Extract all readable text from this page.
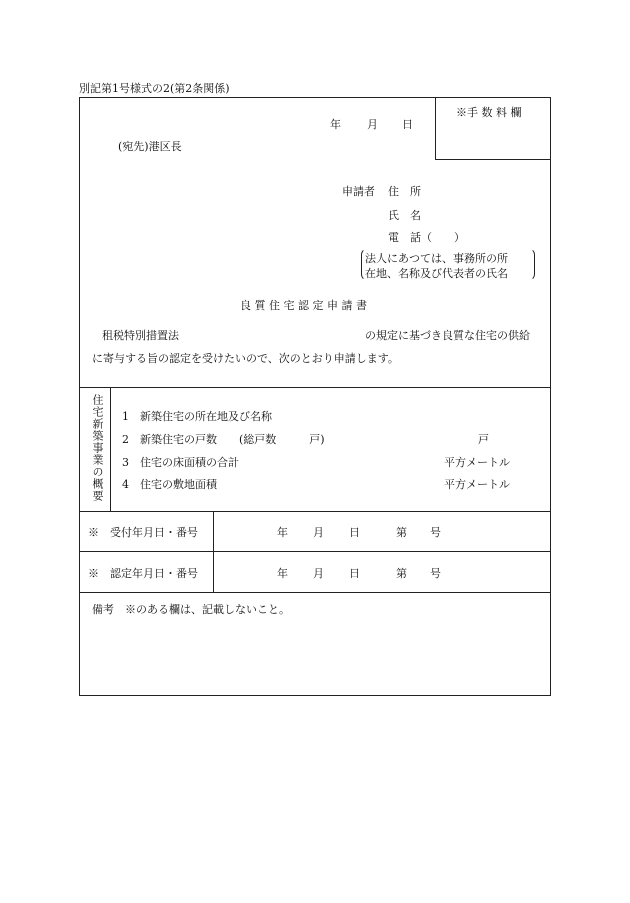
別記第1号様式の2(第2条関係)
※手 数 料 欄
年 月 日
(宛先)港区長
申請者 住　所
氏　名
電　話（　　）
法人にあつては、事務所の所
在地、名称及び代表者の氏名
良 質 住 宅 認 定 申 請 書
租税特別措置法	の規定に基づき良質な住宅の供給
に寄与する旨の認定を受けたいので、次のとおり申請します。
住宅新築事業の概要 1　新築住宅の所在地及び名称
2　新築住宅の戸数　　(総戸数　　　戸)	戸
3　住宅の床面積の合計	平方メートル
4　住宅の敷地面積	平方メートル
※　受付年月日・番号	年 月 日	第 号
※　認定年月日・番号	年 月 日	第 号
備考　※のある欄は、記載しないこと。
